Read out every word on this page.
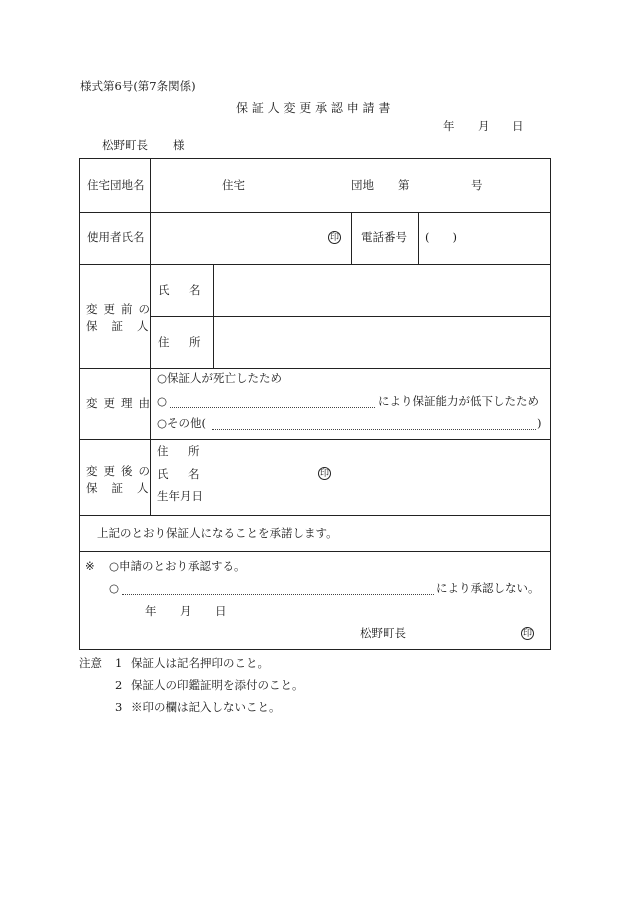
様式第6号(第7条関係)
保 証 人 変 更 承 認 申 請 書
年 月 日
松野町長 様
住宅団地名	住宅	団地 第	号
使用者氏名	印 電話番号 (　　)
変更前の
保証人
氏　名
住　所
変更理由
○保証人が死亡したため
○	により保証能力が低下したため
○その他(	)
変更後の
保証人
住　所
氏　名	印
生年月日
上記のとおり保証人になることを承諾します。
※ ○申請のとおり承認する。
○	により承認しない。
年 月 日
松野町長	印
注意 1 保証人は記名押印のこと。
2 保証人の印鑑証明を添付のこと。
3 ※印の欄は記入しないこと。
